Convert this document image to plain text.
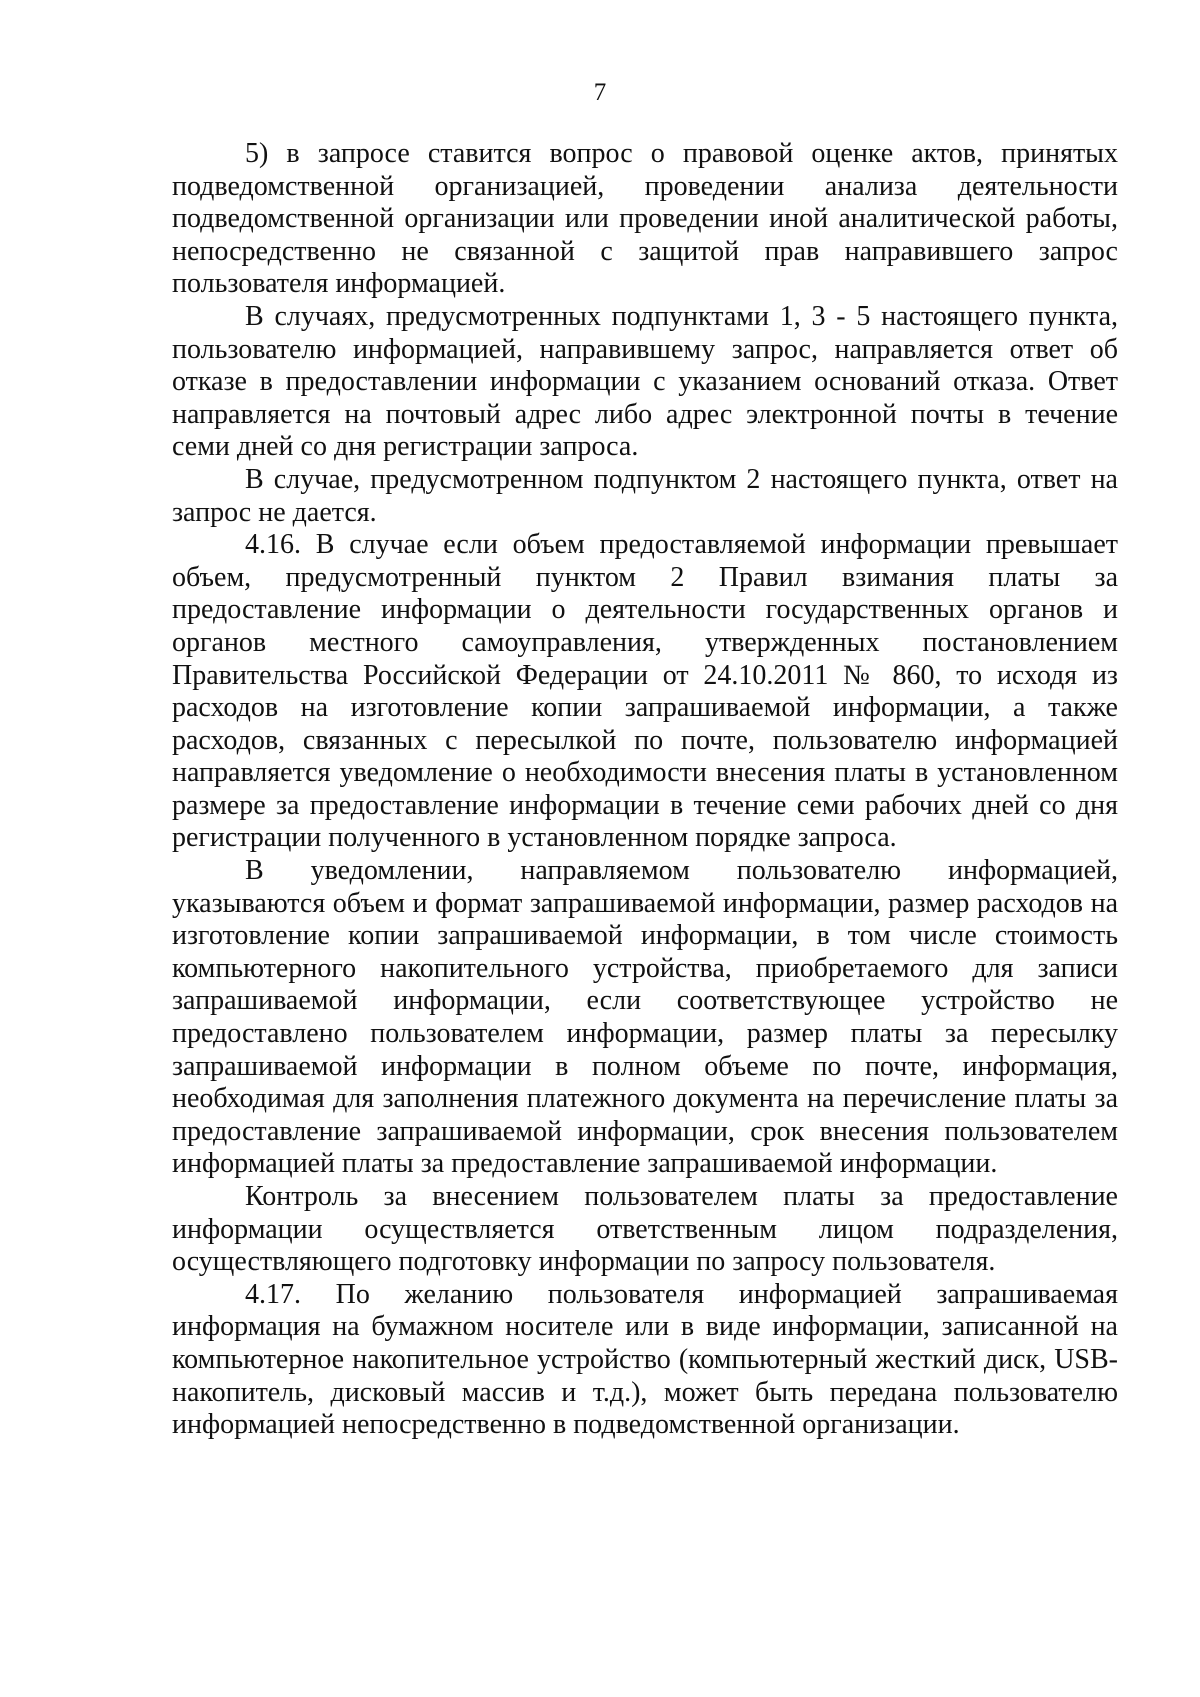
7

5) в запросе ставится вопрос о правовой оценке актов, принятых подведомственной организацией, проведении анализа деятельности подведомственной организации или проведении иной аналитической работы, непосредственно не связанной с защитой прав направившего запрос пользователя информацией.

В случаях, предусмотренных подпунктами 1, 3 - 5 настоящего пункта, пользователю информацией, направившему запрос, направляется ответ об отказе в предоставлении информации с указанием оснований отказа. Ответ направляется на почтовый адрес либо адрес электронной почты в течение семи дней со дня регистрации запроса.

В случае, предусмотренном подпунктом 2 настоящего пункта, ответ на запрос не дается.

4.16. В случае если объем предоставляемой информации превышает объем, предусмотренный пунктом 2 Правил взимания платы за предоставление информации о деятельности государственных органов и органов местного самоуправления, утвержденных постановлением Правительства Российской Федерации от 24.10.2011 № 860, то исходя из расходов на изготовление копии запрашиваемой информации, а также расходов, связанных с пересылкой по почте, пользователю информацией направляется уведомление о необходимости внесения платы в установленном размере за предоставление информации в течение семи рабочих дней со дня регистрации полученного в установленном порядке запроса.

В уведомлении, направляемом пользователю информацией, указываются объем и формат запрашиваемой информации, размер расходов на изготовление копии запрашиваемой информации, в том числе стоимость компьютерного накопительного устройства, приобретаемого для записи запрашиваемой информации, если соответствующее устройство не предоставлено пользователем информации, размер платы за пересылку запрашиваемой информации в полном объеме по почте, информация, необходимая для заполнения платежного документа на перечисление платы за предоставление запрашиваемой информации, срок внесения пользователем информацией платы за предоставление запрашиваемой информации.

Контроль за внесением пользователем платы за предоставление информации осуществляется ответственным лицом подразделения, осуществляющего подготовку информации по запросу пользователя.

4.17. По желанию пользователя информацией запрашиваемая информация на бумажном носителе или в виде информации, записанной на компьютерное накопительное устройство (компьютерный жесткий диск, USB-накопитель, дисковый массив и т.д.), может быть передана пользователю информацией непосредственно в подведомственной организации.
